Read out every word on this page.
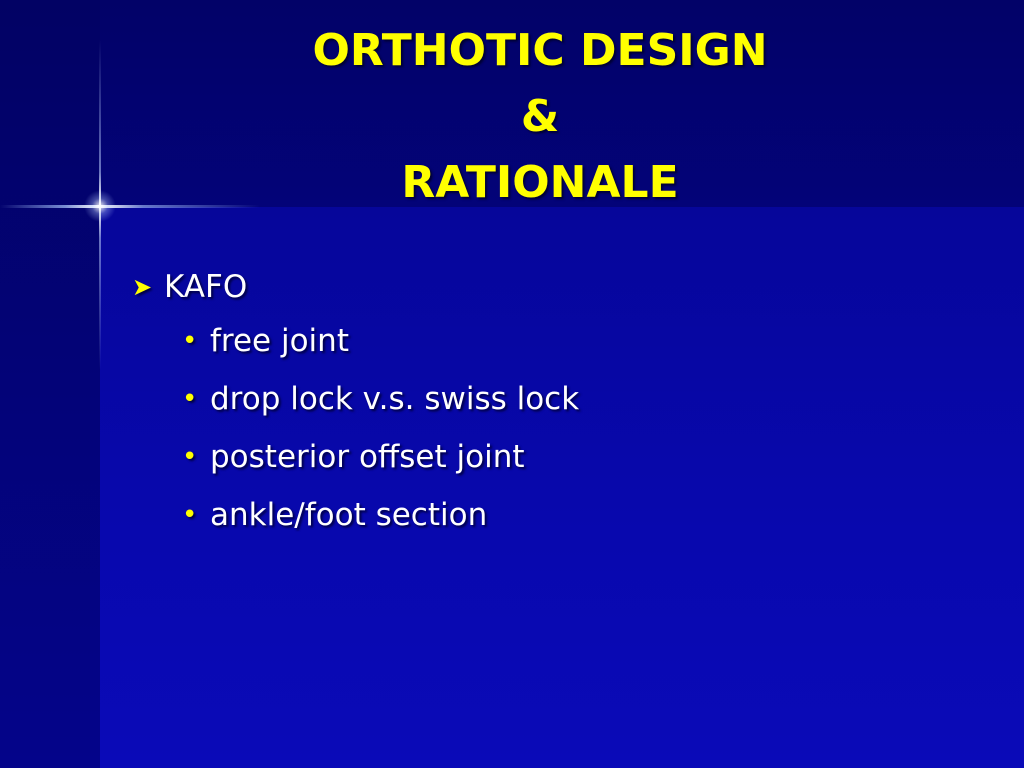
ORTHOTIC DESIGN
&
RATIONALE
➤ KAFO
• free joint
• drop lock v.s. swiss lock
• posterior offset joint
• ankle/foot section
